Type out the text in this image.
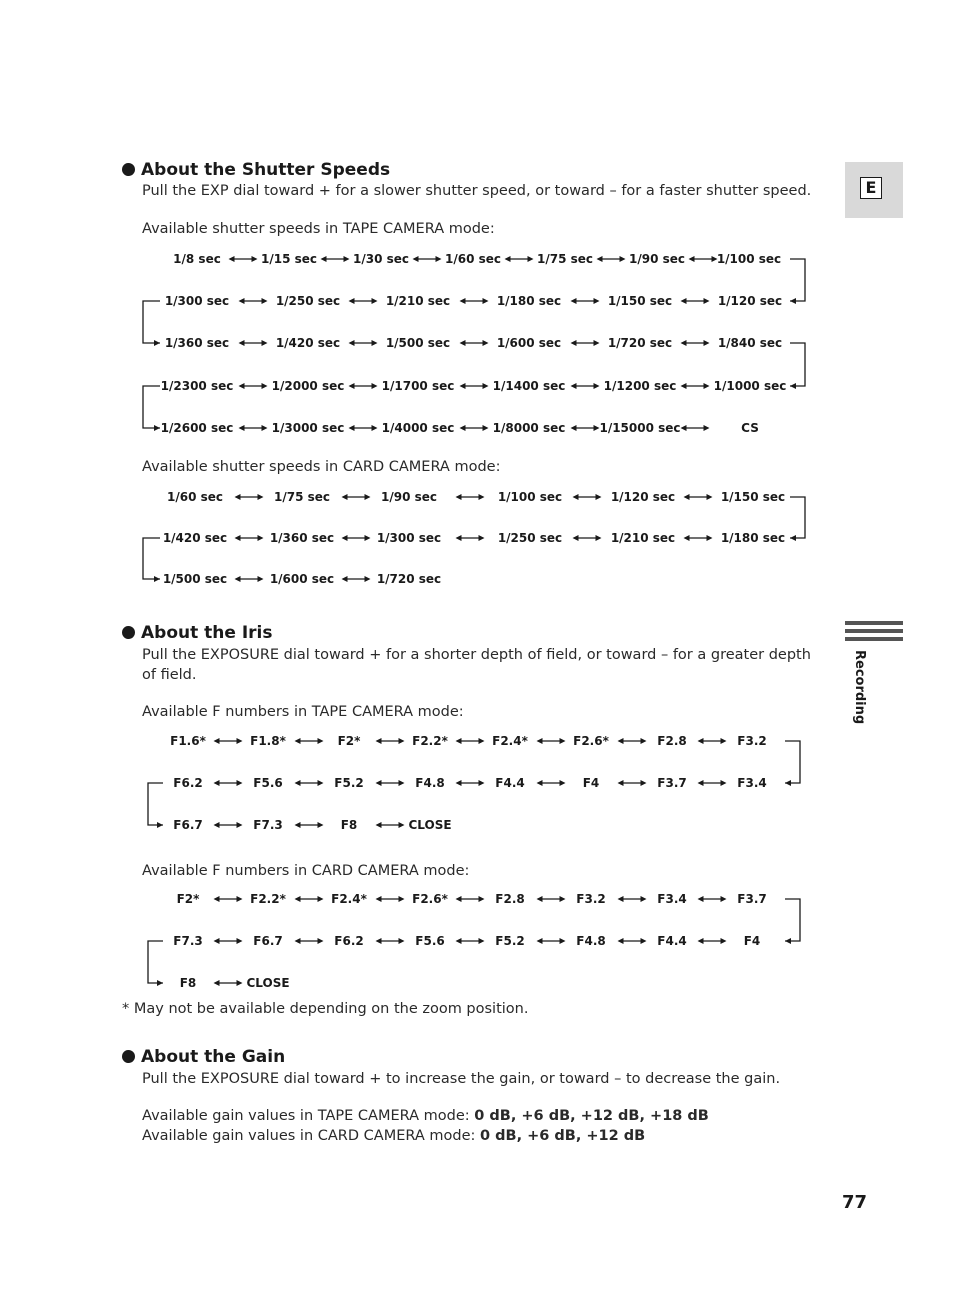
E
Recording
About the Shutter Speeds
Pull the EXP dial toward + for a slower shutter speed, or toward – for a faster shutter speed.
Available shutter speeds in TAPE CAMERA mode:
Available shutter speeds in CARD CAMERA mode:
About the Iris
Pull the EXPOSURE dial toward + for a shorter depth of field, or toward – for a greater depth of field.
Available F numbers in TAPE CAMERA mode:
Available F numbers in CARD CAMERA mode:
* May not be available depending on the zoom position.
About the Gain
Pull the EXPOSURE dial toward + to increase the gain, or toward – to decrease the gain.
Available gain values in TAPE CAMERA mode: 0 dB, +6 dB, +12 dB, +18 dB
Available gain values in CARD CAMERA mode: 0 dB, +6 dB, +12 dB
77
1/8 sec	1/15 sec	1/30 sec	1/60 sec	1/75 sec	1/90 sec	1/100 sec
1/300 sec	1/250 sec	1/210 sec	1/180 sec	1/150 sec	1/120 sec
1/360 sec	1/420 sec	1/500 sec	1/600 sec	1/720 sec	1/840 sec
1/2300 sec	1/2000 sec	1/1700 sec	1/1400 sec	1/1200 sec	1/1000 sec
1/2600 sec	1/3000 sec	1/4000 sec	1/8000 sec	1/15000 sec	CS
1/60 sec	1/75 sec	1/90 sec	1/100 sec	1/120 sec	1/150 sec
1/420 sec	1/360 sec	1/300 sec	1/250 sec	1/210 sec	1/180 sec
1/500 sec	1/600 sec	1/720 sec
F1.6*	F1.8*	F2*	F2.2*	F2.4*	F2.6*	F2.8	F3.2
F6.2	F5.6	F5.2	F4.8	F4.4	F4	F3.7	F3.4
F6.7	F7.3	F8	CLOSE
F2*	F2.2*	F2.4*	F2.6*	F2.8	F3.2	F3.4	F3.7
F7.3	F6.7	F6.2	F5.6	F5.2	F4.8	F4.4	F4
F8	CLOSE
